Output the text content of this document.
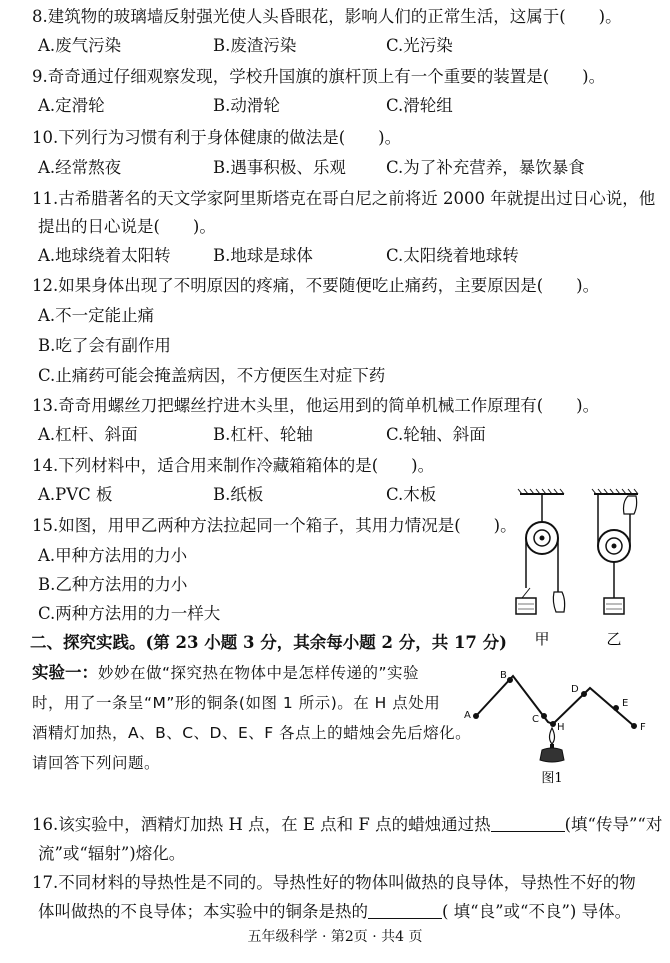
8.建筑物的玻璃墙反射强光使人头昏眼花，影响人们的正常生活，这属于(　　)。
A.废气污染	B.废渣污染	C.光污染
9.奇奇通过仔细观察发现，学校升国旗的旗杆顶上有一个重要的装置是(　　)。
A.定滑轮	B.动滑轮	C.滑轮组
10.下列行为习惯有利于身体健康的做法是(　　)。
A.经常熬夜	B.遇事积极、乐观 C.为了补充营养，暴饮暴食
11.古希腊著名的天文学家阿里斯塔克在哥白尼之前将近 2000 年就提出过日心说，他
提出的日心说是(　　)。
A.地球绕着太阳转	B.地球是球体	C.太阳绕着地球转
12.如果身体出现了不明原因的疼痛，不要随便吃止痛药，主要原因是(　　)。
A.不一定能止痛
B.吃了会有副作用
C.止痛药可能会掩盖病因，不方便医生对症下药
13.奇奇用螺丝刀把螺丝拧进木头里，他运用到的简单机械工作原理有(　　)。
A.杠杆、斜面	B.杠杆、轮轴	C.轮轴、斜面
14.下列材料中，适合用来制作冷藏箱箱体的是(　　)。
A.PVC 板	B.纸板	C.木板
15.如图，用甲乙两种方法拉起同一个箱子，其用力情况是(　　)。
A.甲种方法用的力小
B.乙种方法用的力小
C.两种方法用的力一样大
甲	乙
二、探究实践。(第 23 小题 3 分，其余每小题 2 分，共 17 分)
实验一：妙妙在做“探究热在物体中是怎样传递的”实验
时，用了一条呈“M”形的铜条(如图 1 所示)。在 H 点处用
酒精灯加热，A、B、C、D、E、F 各点上的蜡烛会先后熔化。
请回答下列问题。
A
B
C
H
D
E
F
图1
16.该实验中，酒精灯加热 H 点，在 E 点和 F 点的蜡烛通过热	(填“传导”“对
流”或“辐射”)熔化。
17.不同材料的导热性是不同的。导热性好的物体叫做热的良导体，导热性不好的物
体叫做热的不良导体；本实验中的铜条是热的	( 填“良”或“不良”) 导体。
五年级科学 · 第2页 · 共4 页
